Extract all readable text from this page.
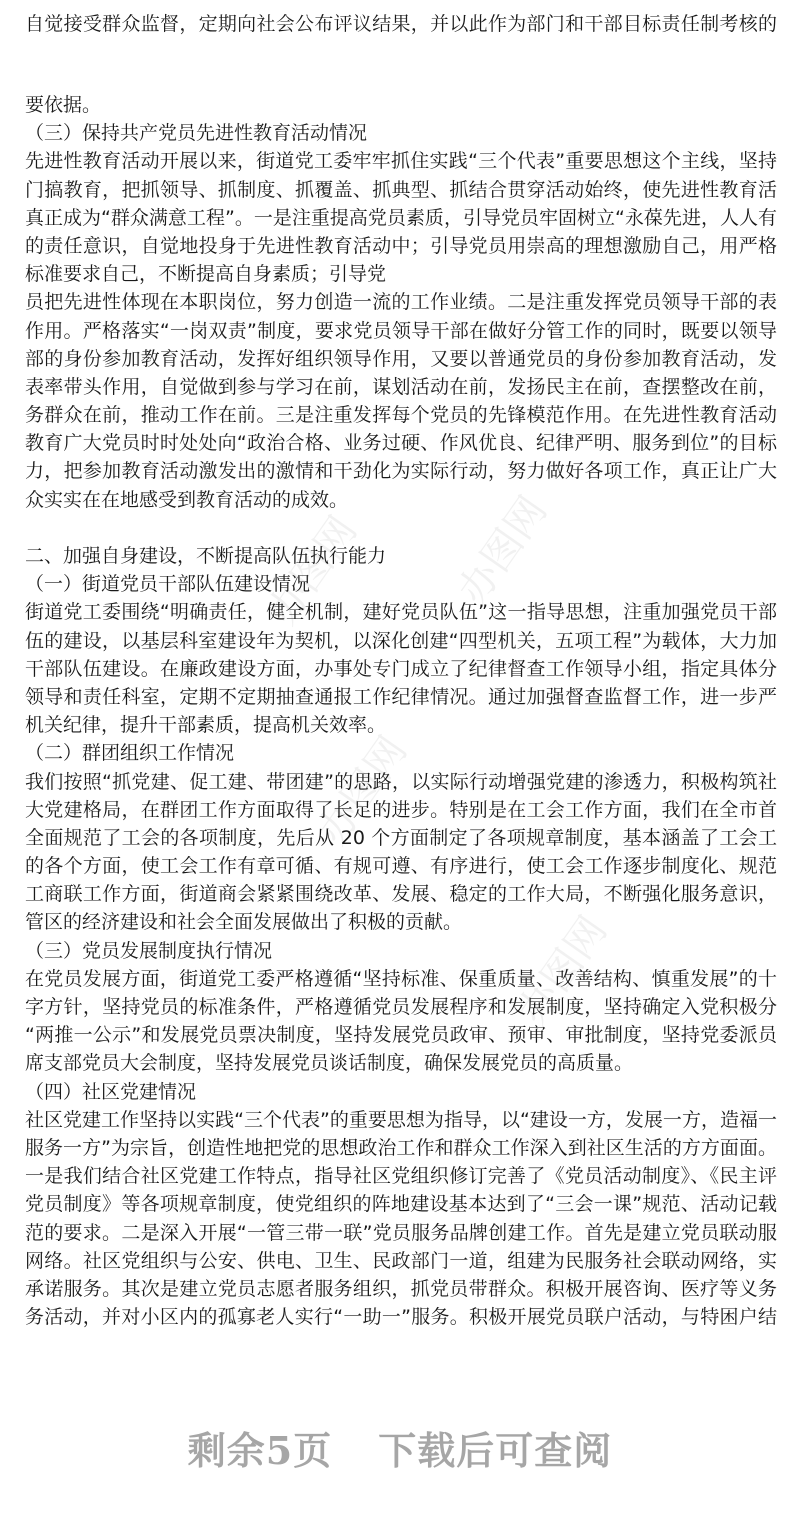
办图网
办图网
办图网
办图网
自觉接受群众监督，定期向社会公布评议结果，并以此作为部门和干部目标责任制考核的
要依据。
（三）保持共产党员先进性教育活动情况
先进性教育活动开展以来，街道党工委牢牢抓住实践“三个代表”重要思想这个主线，坚持
门搞教育，把抓领导、抓制度、抓覆盖、抓典型、抓结合贯穿活动始终，使先进性教育活
真正成为“群众满意工程”。一是注重提高党员素质，引导党员牢固树立“永葆先进，人人有
的责任意识，自觉地投身于先进性教育活动中；引导党员用崇高的理想激励自己，用严格
标准要求自己，不断提高自身素质；引导党
员把先进性体现在本职岗位，努力创造一流的工作业绩。二是注重发挥党员领导干部的表
作用。严格落实“一岗双责”制度，要求党员领导干部在做好分管工作的同时，既要以领导
部的身份参加教育活动，发挥好组织领导作用，又要以普通党员的身份参加教育活动，发
表率带头作用，自觉做到参与学习在前，谋划活动在前，发扬民主在前，查摆整改在前，
务群众在前，推动工作在前。三是注重发挥每个党员的先锋模范作用。在先进性教育活动
教育广大党员时时处处向“政治合格、业务过硬、作风优良、纪律严明、服务到位”的目标
力，把参加教育活动激发出的激情和干劲化为实际行动，努力做好各项工作，真正让广大
众实实在在地感受到教育活动的成效。
二、加强自身建设，不断提高队伍执行能力
（一）街道党员干部队伍建设情况
街道党工委围绕“明确责任，健全机制，建好党员队伍”这一指导思想，注重加强党员干部
伍的建设，以基层科室建设年为契机，以深化创建“四型机关，五项工程”为载体，大力加
干部队伍建设。在廉政建设方面，办事处专门成立了纪律督查工作领导小组，指定具体分
领导和责任科室，定期不定期抽查通报工作纪律情况。通过加强督查监督工作，进一步严
机关纪律，提升干部素质，提高机关效率。
（二）群团组织工作情况
我们按照“抓党建、促工建、带团建”的思路，以实际行动增强党建的渗透力，积极构筑社
大党建格局，在群团工作方面取得了长足的进步。特别是在工会工作方面，我们在全市首
全面规范了工会的各项制度，先后从 20 个方面制定了各项规章制度，基本涵盖了工会工
的各个方面，使工会工作有章可循、有规可遵、有序进行，使工会工作逐步制度化、规范
工商联工作方面，街道商会紧紧围绕改革、发展、稳定的工作大局，不断强化服务意识，
管区的经济建设和社会全面发展做出了积极的贡献。
（三）党员发展制度执行情况
在党员发展方面，街道党工委严格遵循“坚持标准、保重质量、改善结构、慎重发展”的十
字方针，坚持党员的标准条件，严格遵循党员发展程序和发展制度，坚持确定入党积极分
“两推一公示”和发展党员票决制度，坚持发展党员政审、预审、审批制度，坚持党委派员
席支部党员大会制度，坚持发展党员谈话制度，确保发展党员的高质量。
（四）社区党建情况
社区党建工作坚持以实践“三个代表”的重要思想为指导，以“建设一方，发展一方，造福一
服务一方”为宗旨，创造性地把党的思想政治工作和群众工作深入到社区生活的方方面面。
一是我们结合社区党建工作特点，指导社区党组织修订完善了《党员活动制度》、《民主评
党员制度》等各项规章制度，使党组织的阵地建设基本达到了“三会一课”规范、活动记载
范的要求。二是深入开展“一管三带一联”党员服务品牌创建工作。首先是建立党员联动服
网络。社区党组织与公安、供电、卫生、民政部门一道，组建为民服务社会联动网络，实
承诺服务。其次是建立党员志愿者服务组织，抓党员带群众。积极开展咨询、医疗等义务
务活动，并对小区内的孤寡老人实行“一助一”服务。积极开展党员联户活动，与特困户结
剩余5页 下载后可查阅
